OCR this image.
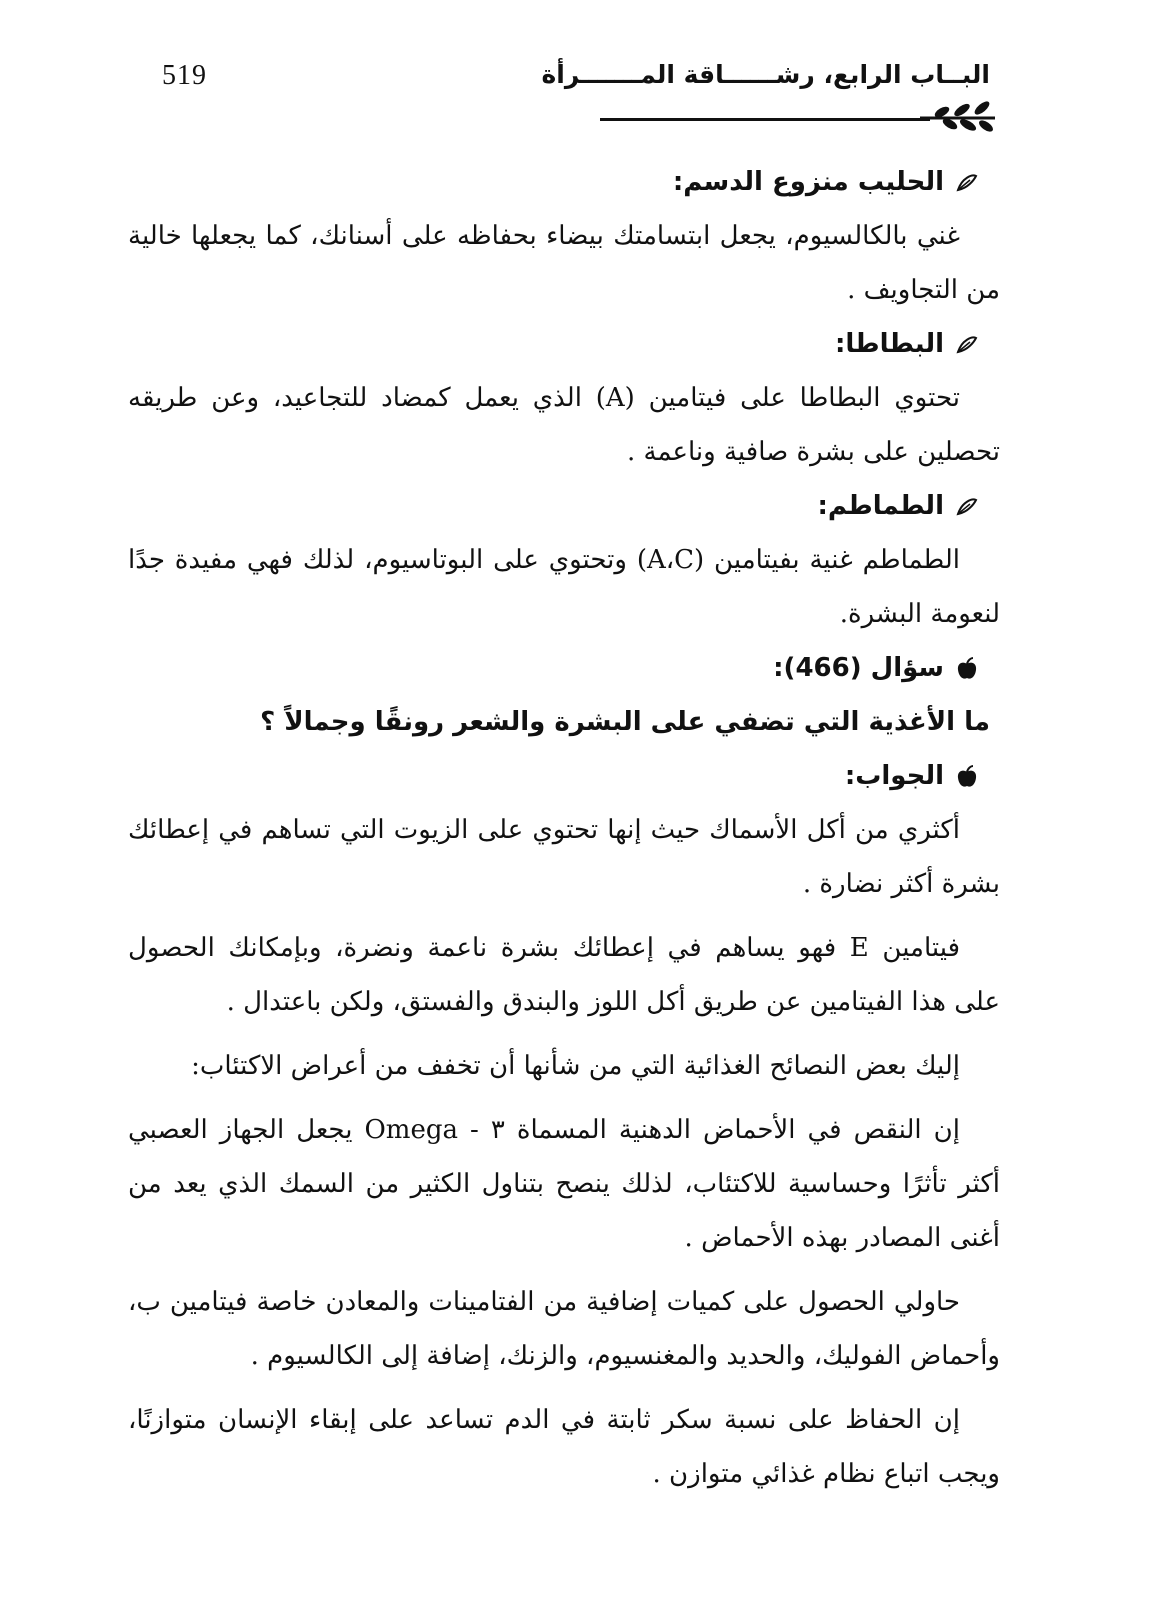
519	البــاب الرابع، رشــــــاقة المـــــــرأة

الحليب منزوع الدسم:

غني بالكالسيوم، يجعل ابتسامتك بيضاء بحفاظه على أسنانك، كما يجعلها خالية من التجاويف .

البطاطا:

تحتوي البطاطا على فيتامين (A) الذي يعمل كمضاد للتجاعيد، وعن طريقه تحصلين على بشرة صافية وناعمة .

الطماطم:

الطماطم غنية بفيتامين (A،C) وتحتوي على البوتاسيوم، لذلك فهي مفيدة جدًا لنعومة البشرة.

سؤال (466):

ما الأغذية التي تضفي على البشرة والشعر رونقًا وجمالاً ؟

الجواب:

أكثري من أكل الأسماك حيث إنها تحتوي على الزيوت التي تساهم في إعطائك بشرة أكثر نضارة .

فيتامين E فهو يساهم في إعطائك بشرة ناعمة ونضرة، وبإمكانك الحصول على هذا الفيتامين عن طريق أكل اللوز والبندق والفستق، ولكن باعتدال .

إليك بعض النصائح الغذائية التي من شأنها أن تخفف من أعراض الاكتئاب:

إن النقص في الأحماض الدهنية المسماة ٣ - Omega يجعل الجهاز العصبي أكثر تأثرًا وحساسية للاكتئاب، لذلك ينصح بتناول الكثير من السمك الذي يعد من أغنى المصادر بهذه الأحماض .

حاولي الحصول على كميات إضافية من الفتامينات والمعادن خاصة فيتامين ب، وأحماض الفوليك، والحديد والمغنسيوم، والزنك، إضافة إلى الكالسيوم .

إن الحفاظ على نسبة سكر ثابتة في الدم تساعد على إبقاء الإنسان متوازنًا، ويجب اتباع نظام غذائي متوازن .
